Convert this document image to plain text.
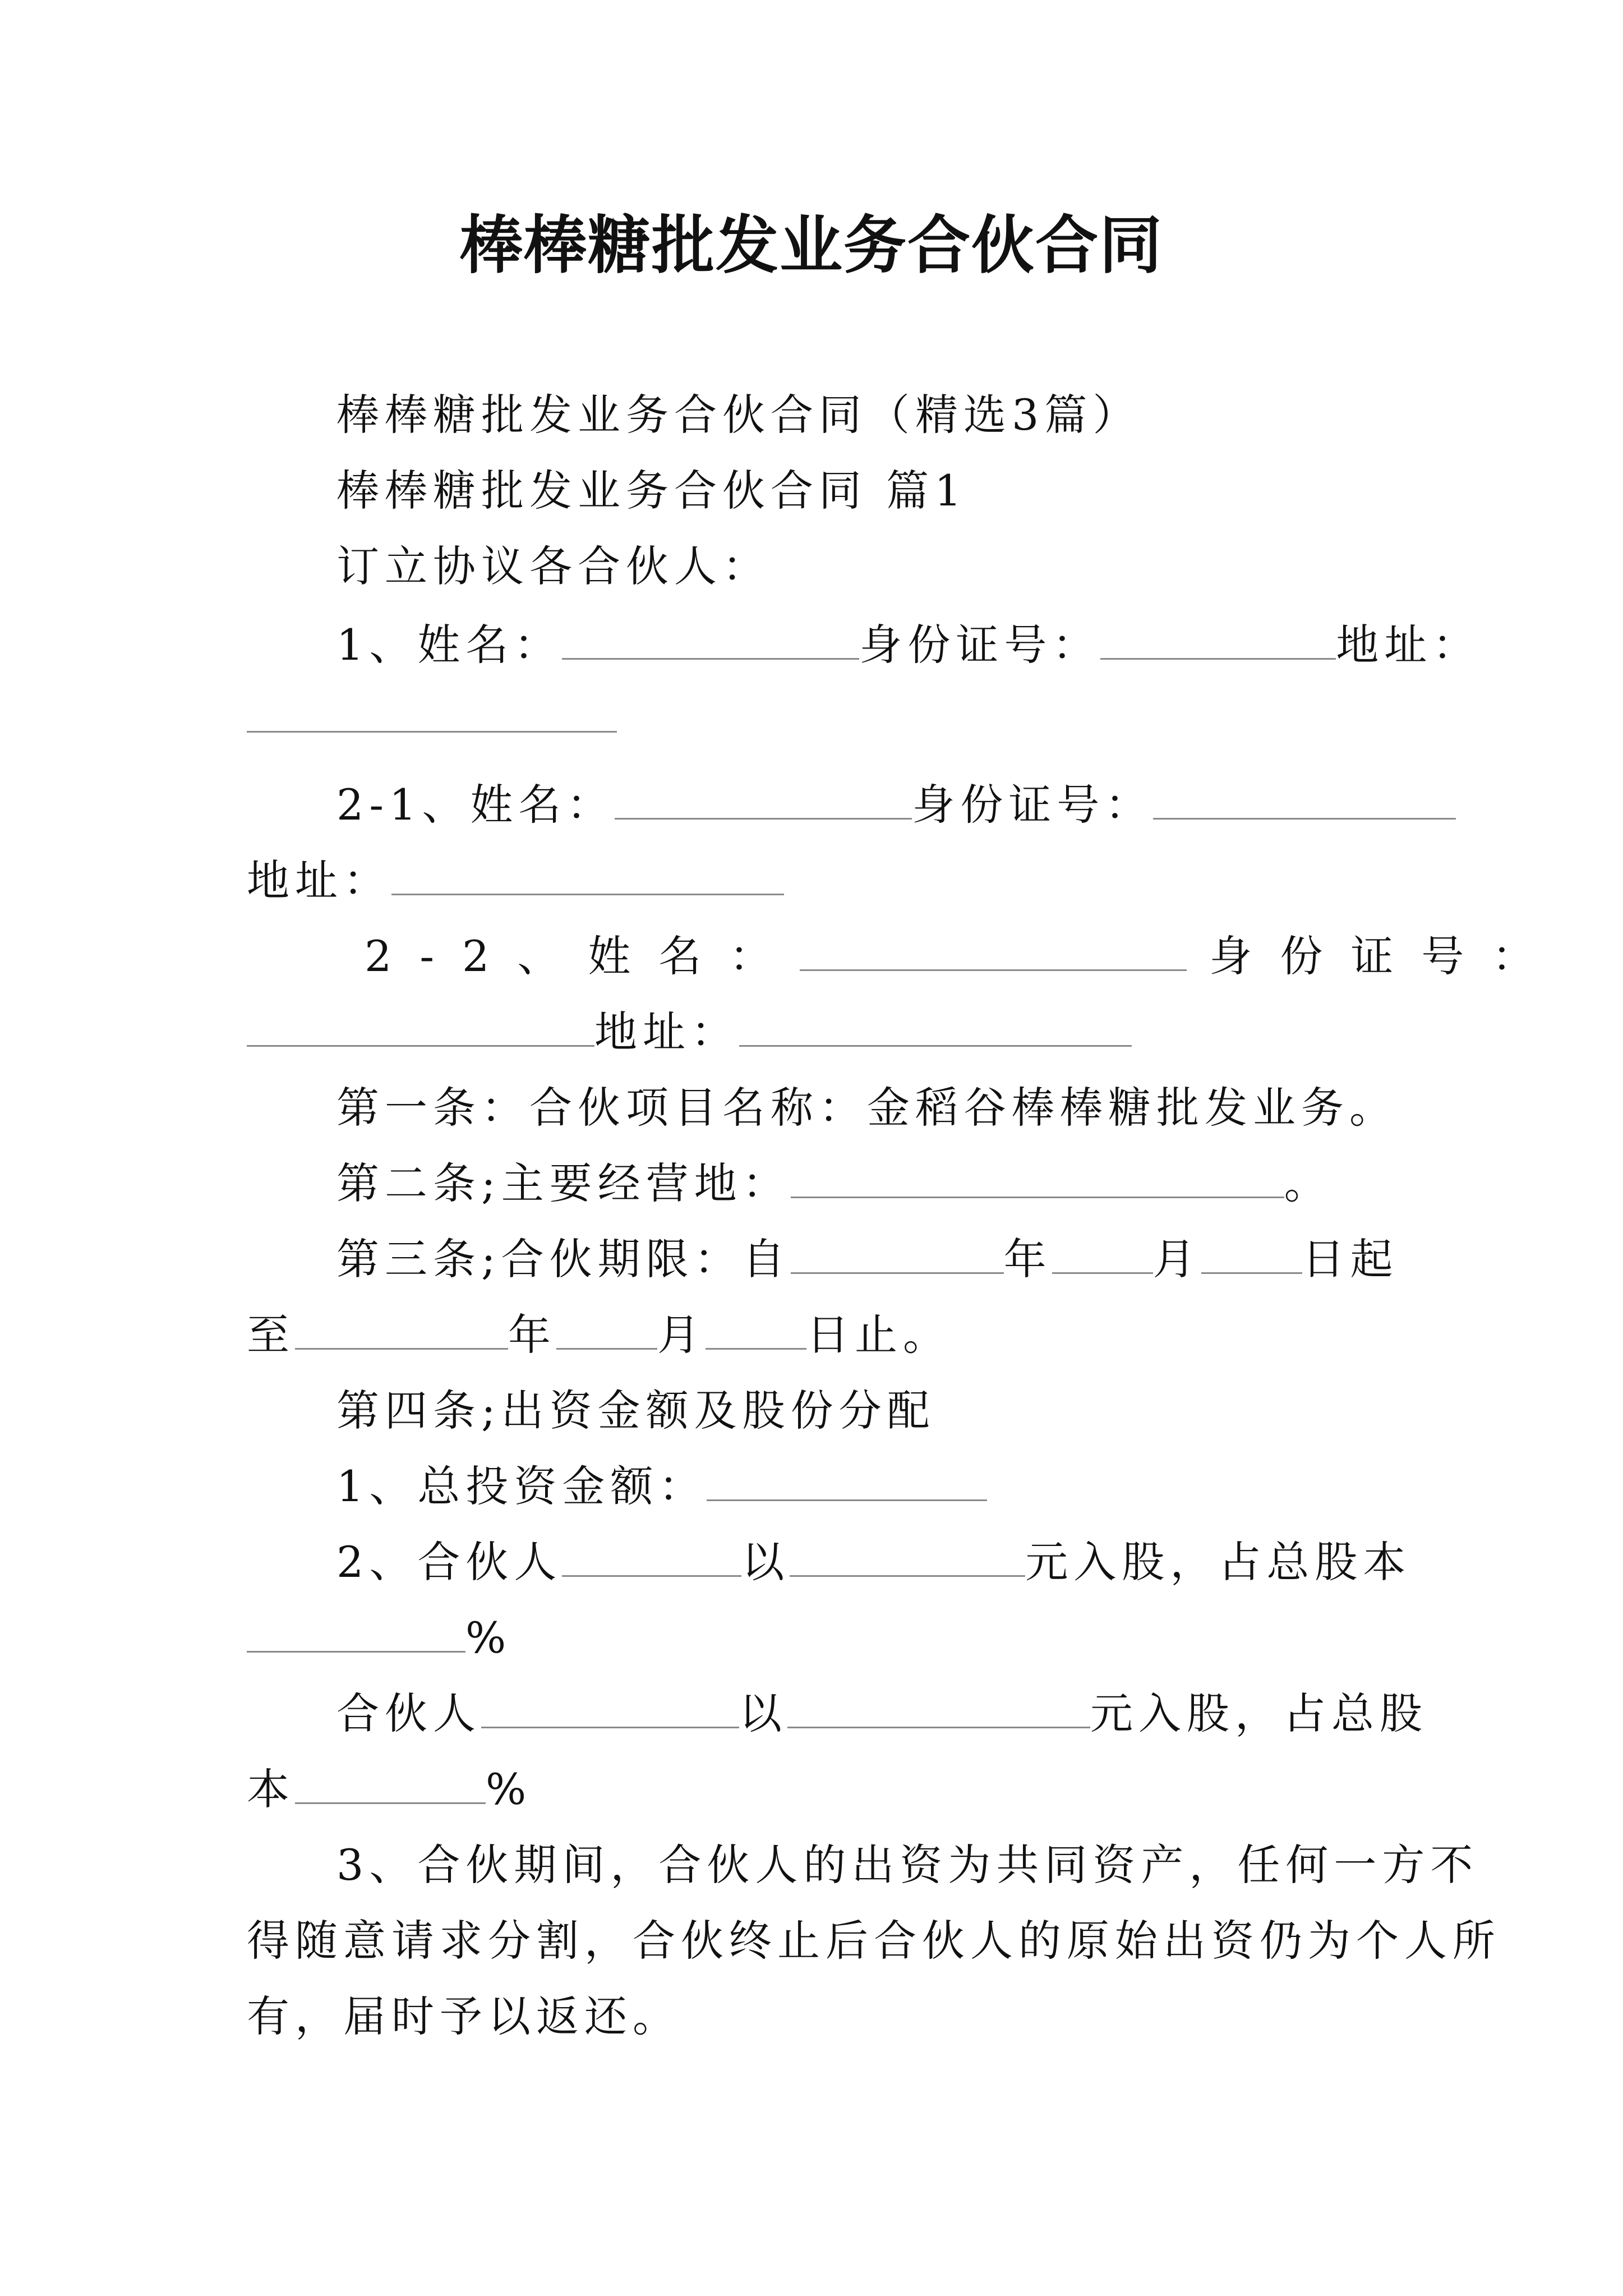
棒棒糖批发业务合伙合同
棒棒糖批发业务合伙合同（精选3篇）
棒棒糖批发业务合伙合同 篇1
订立协议各合伙人：
1、姓名：	身份证号：	地址：
2-1、姓名：	身份证号：
地址：
2-2、姓名：	身份证号：
地址：
第一条：合伙项目名称：金稻谷棒棒糖批发业务。
第二条;主要经营地：	。
第三条;合伙期限：自	年 月 日起
至	年 月 日止。
第四条;出资金额及股份分配
1、总投资金额：
2、合伙人	以	元入股，占总股本
%
合伙人	以	元入股，占总股
本	%
3、合伙期间，合伙人的出资为共同资产，任何一方不
得随意请求分割，合伙终止后合伙人的原始出资仍为个人所
有，届时予以返还。
